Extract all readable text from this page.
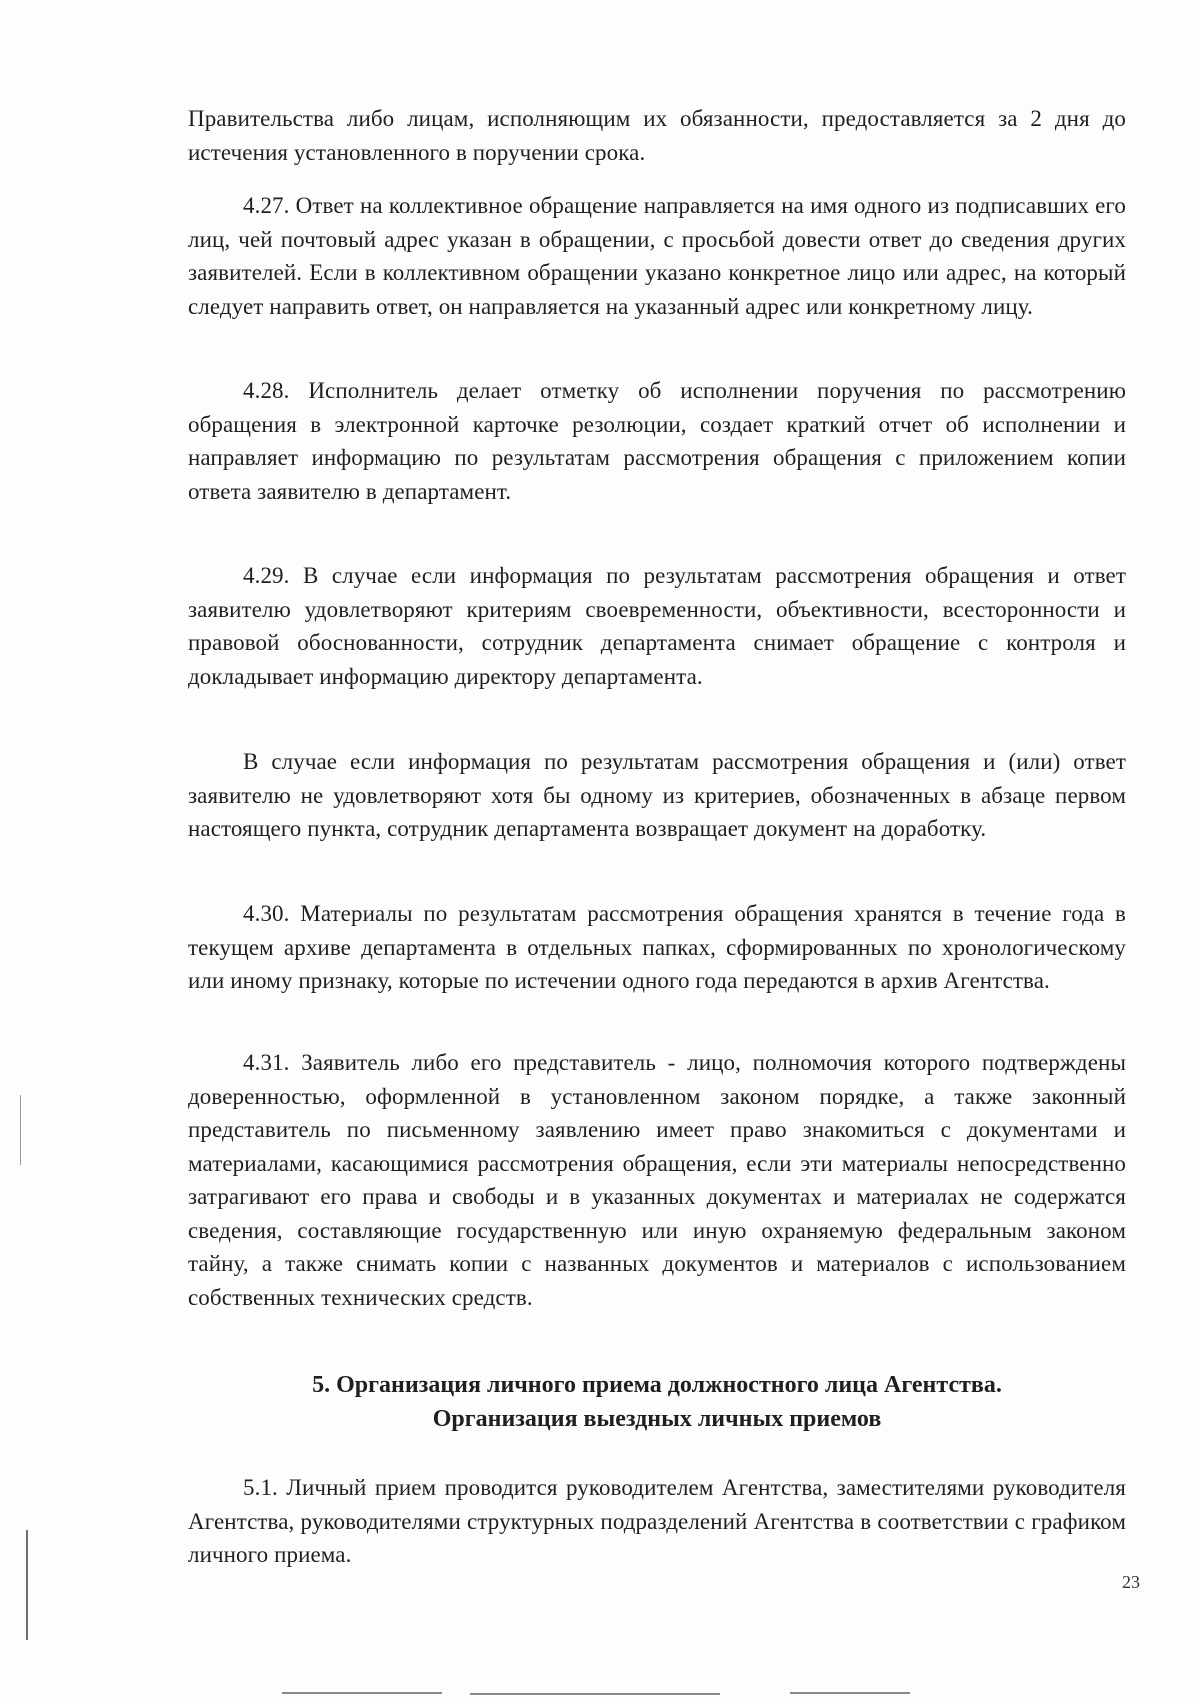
Правительства либо лицам, исполняющим их обязанности, предоставляется за 2 дня до истечения установленного в поручении срока.

4.27. Ответ на коллективное обращение направляется на имя одного из подписавших его лиц, чей почтовый адрес указан в обращении, с просьбой довести ответ до сведения других заявителей. Если в коллективном обращении указано конкретное лицо или адрес, на который следует направить ответ, он направляется на указанный адрес или конкретному лицу.

4.28. Исполнитель делает отметку об исполнении поручения по рассмотрению обращения в электронной карточке резолюции, создает краткий отчет об исполнении и направляет информацию по результатам рассмотрения обращения с приложением копии ответа заявителю в департамент.

4.29. В случае если информация по результатам рассмотрения обращения и ответ заявителю удовлетворяют критериям своевременности, объективности, всесторонности и правовой обоснованности, сотрудник департамента снимает обращение с контроля и докладывает информацию директору департамента.

В случае если информация по результатам рассмотрения обращения и (или) ответ заявителю не удовлетворяют хотя бы одному из критериев, обозначенных в абзаце первом настоящего пункта, сотрудник департамента возвращает документ на доработку.

4.30. Материалы по результатам рассмотрения обращения хранятся в течение года в текущем архиве департамента в отдельных папках, сформированных по хронологическому или иному признаку, которые по истечении одного года передаются в архив Агентства.

4.31. Заявитель либо его представитель - лицо, полномочия которого подтверждены доверенностью, оформленной в установленном законом порядке, а также законный представитель по письменному заявлению имеет право знакомиться с документами и материалами, касающимися рассмотрения обращения, если эти материалы непосредственно затрагивают его права и свободы и в указанных документах и материалах не содержатся сведения, составляющие государственную или иную охраняемую федеральным законом тайну, а также снимать копии с названных документов и материалов с использованием собственных технических средств.

5. Организация личного приема должностного лица Агентства.
Организация выездных личных приемов

5.1. Личный прием проводится руководителем Агентства, заместителями руководителя Агентства, руководителями структурных подразделений Агентства в соответствии с графиком личного приема.

23
